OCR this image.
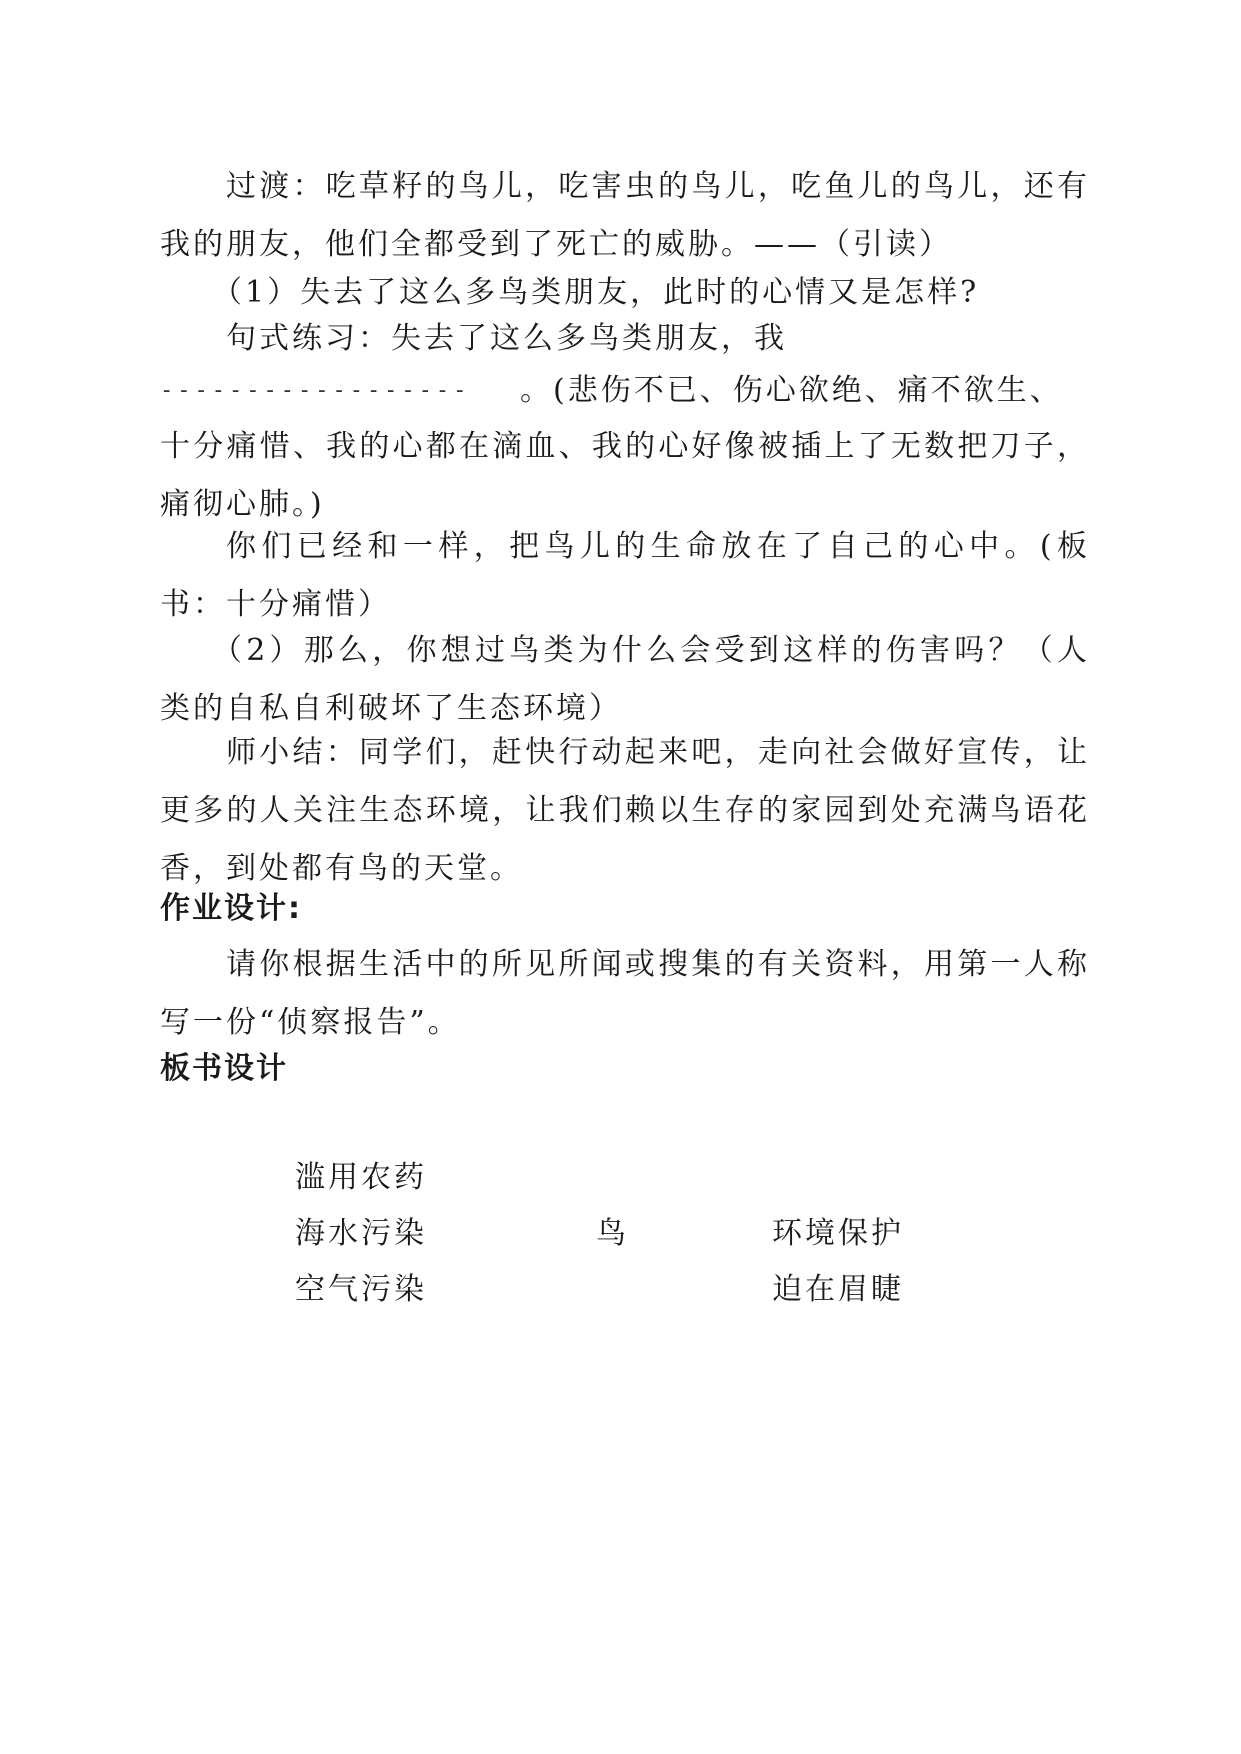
过渡：吃草籽的鸟儿，吃害虫的鸟儿，吃鱼儿的鸟儿，还有我的朋友，他们全都受到了死亡的威胁。——（引读）
（1）失去了这么多鸟类朋友，此时的心情又是怎样?
句式练习：失去了这么多鸟类朋友，我
------------------ 。(悲伤不已、伤心欲绝、痛不欲生、
十分痛惜、我的心都在滴血、我的心好像被插上了无数把刀子，痛彻心肺。)
你们已经和一样，把鸟儿的生命放在了自己的心中。(板书：十分痛惜）
（2）那么，你想过鸟类为什么会受到这样的伤害吗？（人类的自私自利破坏了生态环境）
师小结：同学们，赶快行动起来吧，走向社会做好宣传，让更多的人关注生态环境，让我们赖以生存的家园到处充满鸟语花香，到处都有鸟的天堂。
作业设计:
请你根据生活中的所见所闻或搜集的有关资料，用第一人称写一份“侦察报告”。
板书设计
滥用农药
海水污染
空气污染
鸟	环境保护
迫在眉睫
